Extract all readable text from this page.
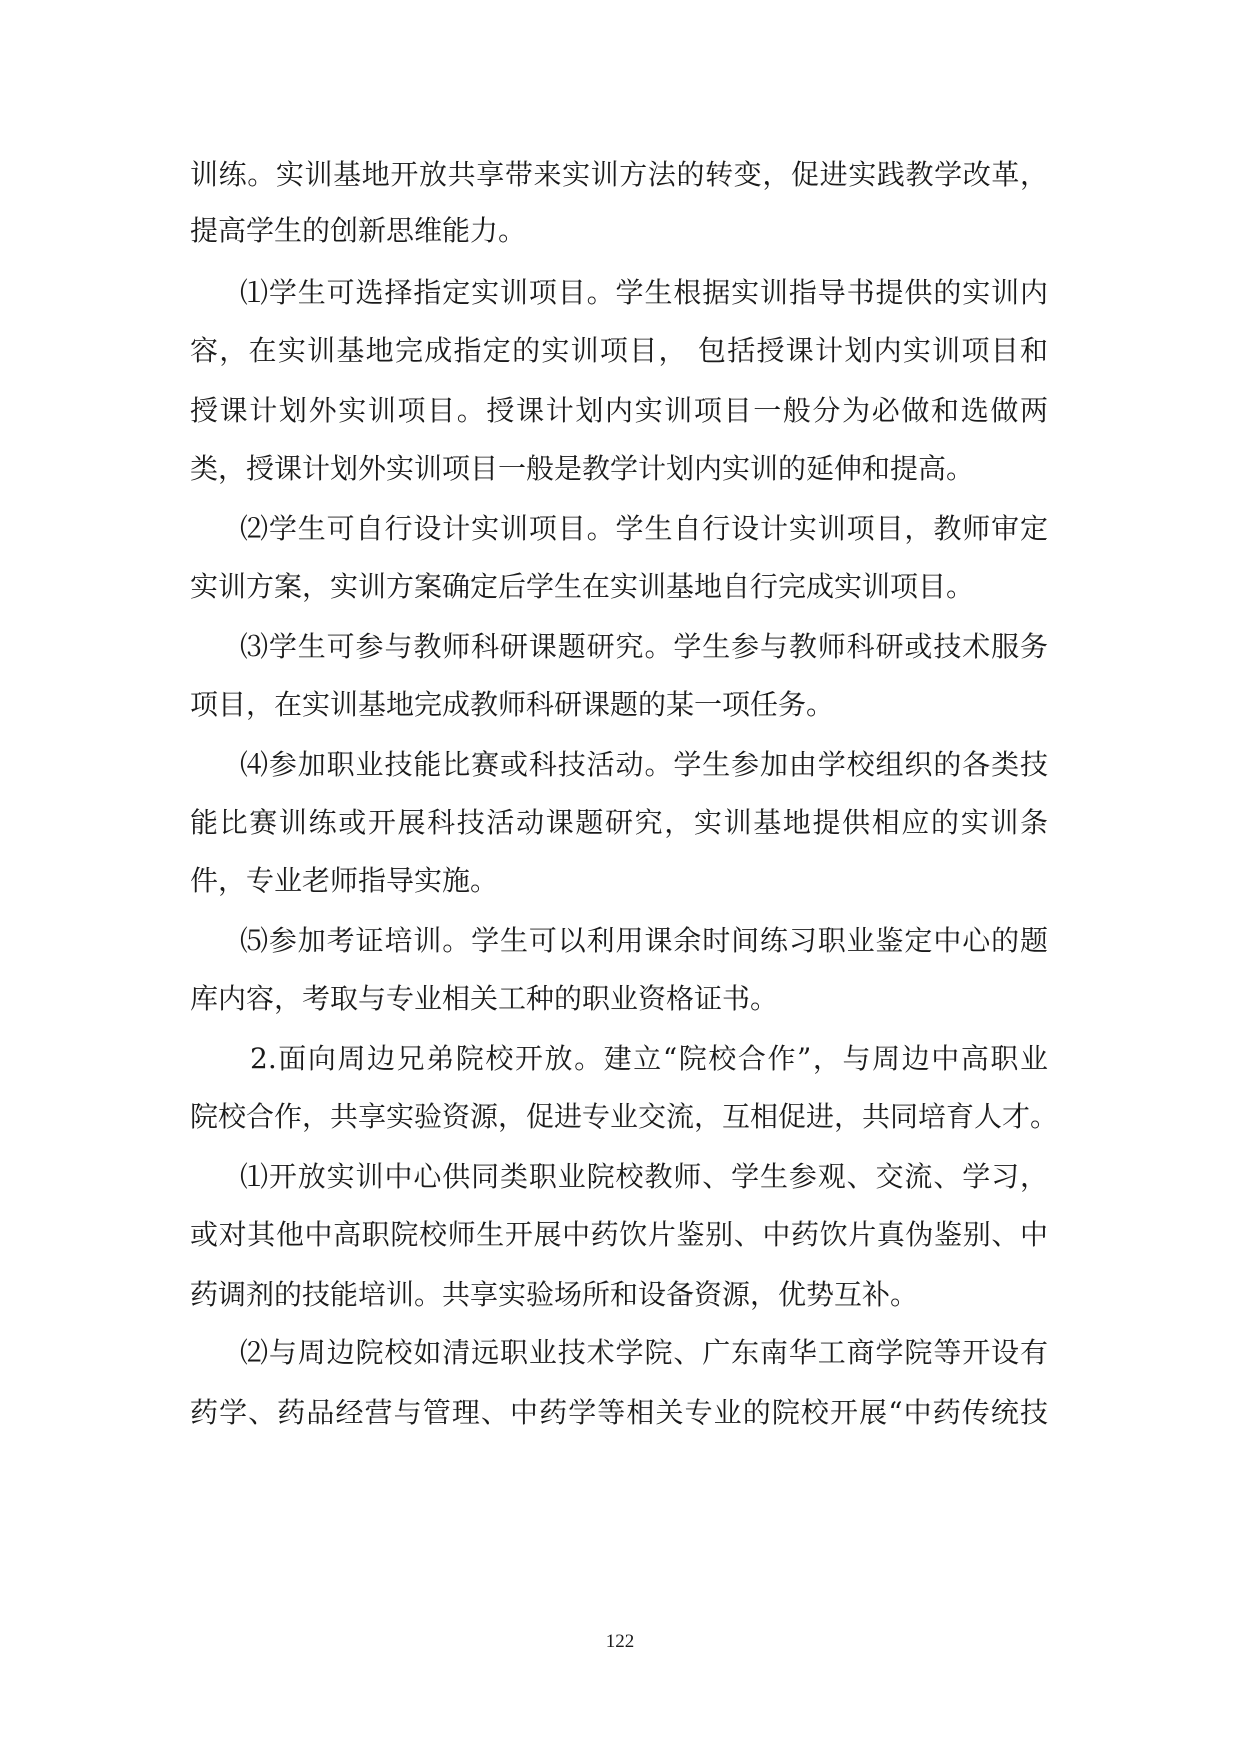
训练。实训基地开放共享带来实训方法的转变，促进实践教学改革，
提高学生的创新思维能力。
⑴学生可选择指定实训项目。学生根据实训指导书提供的实训内
容，在实训基地完成指定的实训项目， 包括授课计划内实训项目和
授课计划外实训项目。授课计划内实训项目一般分为必做和选做两
类，授课计划外实训项目一般是教学计划内实训的延伸和提高。
⑵学生可自行设计实训项目。学生自行设计实训项目，教师审定
实训方案，实训方案确定后学生在实训基地自行完成实训项目。
⑶学生可参与教师科研课题研究。学生参与教师科研或技术服务
项目，在实训基地完成教师科研课题的某一项任务。
⑷参加职业技能比赛或科技活动。学生参加由学校组织的各类技
能比赛训练或开展科技活动课题研究，实训基地提供相应的实训条
件，专业老师指导实施。
⑸参加考证培训。学生可以利用课余时间练习职业鉴定中心的题
库内容，考取与专业相关工种的职业资格证书。
2.面向周边兄弟院校开放。建立“院校合作”，与周边中高职业
院校合作，共享实验资源，促进专业交流，互相促进，共同培育人才。
⑴开放实训中心供同类职业院校教师、学生参观、交流、学习，
或对其他中高职院校师生开展中药饮片鉴别、中药饮片真伪鉴别、中
药调剂的技能培训。共享实验场所和设备资源，优势互补。
⑵与周边院校如清远职业技术学院、广东南华工商学院等开设有
药学、药品经营与管理、中药学等相关专业的院校开展“中药传统技
122
